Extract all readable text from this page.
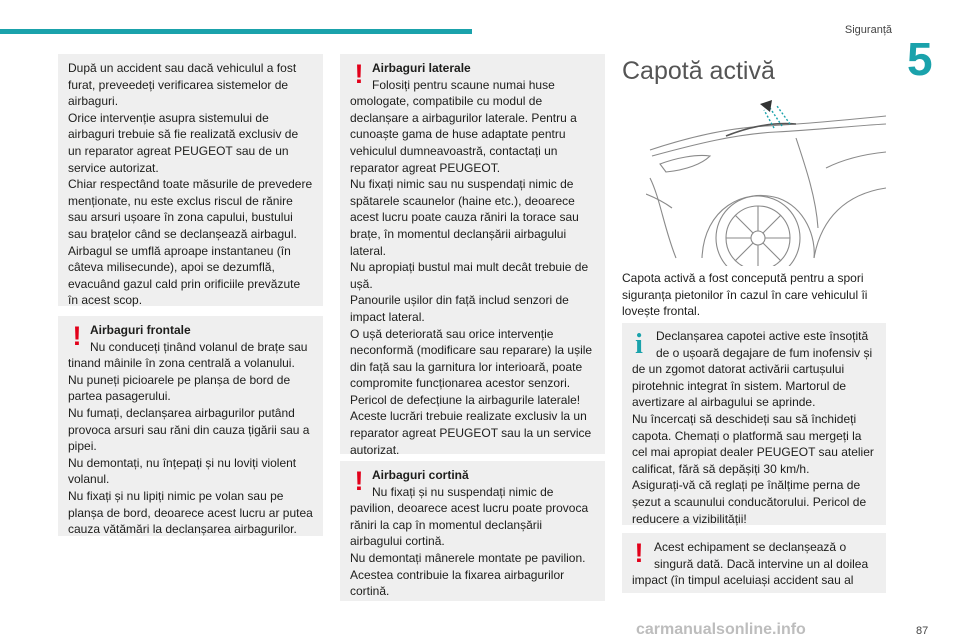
Siguranță
5

După un accident sau dacă vehiculul a fost furat, preveedeți verificarea sistemelor de airbaguri.
Orice intervenție asupra sistemului de airbaguri trebuie să fie realizată exclusiv de un reparator agreat PEUGEOT sau de un service autorizat.
Chiar respectând toate măsurile de prevedere menționate, nu este exclus riscul de rănire sau arsuri ușoare în zona capului, bustului sau brațelor când se declanșează airbagul. Airbagul se umflă aproape instantaneu (în câteva milisecunde), apoi se dezumflă, evacuând gazul cald prin orificiile prevăzute în acest scop.

! Airbaguri frontale
Nu conduceți ținând volanul de brațe sau

tinand mâinile în zona centrală a volanului.
Nu puneți picioarele pe planșa de bord de partea pasagerului.
Nu fumați, declanșarea airbagurilor putând provoca arsuri sau răni din cauza țigării sau a pipei.
Nu demontați, nu înțepați și nu loviți violent volanul.
Nu fixați și nu lipiți nimic pe volan sau pe planșa de bord, deoarece acest lucru ar putea cauza vătămări la declanșarea airbagurilor.

! Airbaguri laterale
Folosiți pentru scaune numai huse

omologate, compatibile cu modul de declanșare a airbagurilor laterale. Pentru a cunoaște gama de huse adaptate pentru vehiculul dumneavoastră, contactați un reparator agreat PEUGEOT.
Nu fixați nimic sau nu suspendați nimic de spătarele scaunelor (haine etc.), deoarece acest lucru poate cauza răniri la torace sau brațe, în momentul declanșării airbagului lateral.
Nu apropiați bustul mai mult decât trebuie de ușă.
Panourile ușilor din față includ senzori de impact lateral.
O ușă deteriorată sau orice intervenție neconformă (modificare sau reparare) la ușile din față sau la garnitura lor interioară, poate compromite funcționarea acestor senzori.
Pericol de defecțiune la airbagurile laterale!
Aceste lucrări trebuie realizate exclusiv la un reparator agreat PEUGEOT sau la un service autorizat.

! Airbaguri cortină
Nu fixați și nu suspendați nimic de

pavilion, deoarece acest lucru poate provoca răniri la cap în momentul declanșării airbagului cortină.
Nu demontați mânerele montate pe pavilion. Acestea contribuie la fixarea airbagurilor cortină.

Capotă activă
Capota activă a fost concepută pentru a spori siguranța pietonilor în cazul în care vehiculul îi lovește frontal.
i	Declanșarea capotei active este însoțită de o ușoară degajare de fum inofensiv și

de un zgomot datorat activării cartușului pirotehnic integrat în sistem. Martorul de avertizare al airbagului se aprinde.
Nu încercați să deschideți sau să închideți capota. Chemați o platformă sau mergeți la cel mai apropiat dealer PEUGEOT sau atelier calificat, fără să depășiți 30 km/h.
Asigurați-vă că reglați pe înălțime perna de șezut a scaunului conducătorului. Pericol de reducere a vizibilității!

! Acest echipament se declanșează o singură dată. Dacă intervine un al doilea

impact (în timpul aceluiași accident sau al

carmanualsonline.info	87
